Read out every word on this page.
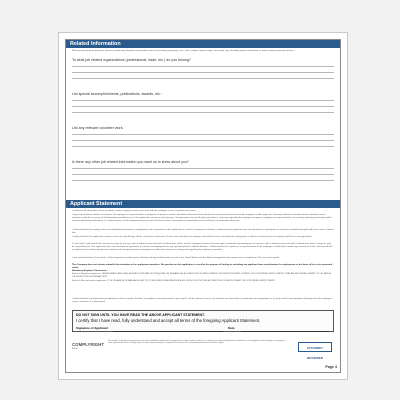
Related Information
When answering these questions, please exclude any information that would reveal sex (including pregnancy), race, color, religion, national origin, citizenship, age, disability, genetic information, or other similarly protected statuses.
To what job related organizations (professional, trade, etc.) do you belong?
List special accomplishments, publications, awards, etc.:
List any relevant volunteer work.
Is there any other job related information you want us to know about you?
Applicant Statement
I certify that all information I have provided in order to apply for and secure work with this employer is true, complete and correct.
I expressly authorize, without reservation, the employer, its representatives, employees or agents to contact and obtain information from all references (personal and professional), employers, public agencies, licensing authorities and educational institutions and to otherwise verify the accuracy of all information provided by me in this application, resume or job interview. I hereby waive any and all rights and claims I may have regarding the employer, its agents, employees or representatives, for seeking, gathering and using truthful and non-defamatory information, in a lawful manner, in the employment process and all other persons, corporations or organizations for furnishing such information about me.
I understand that the employer does not unlawfully discriminate in employment and no question on this application is used for the purpose of limiting or eliminating any applicant from consideration for employment on any basis prohibited by applicable local, state or federal law.
I understand that this application remains current for only 60 days. At the conclusion of that time, if I have not heard from the employer and still wish to be considered for employment, it will be necessary for me to reapply and fill out a new application.
If I am hired, I understand that I am free to resign at any time, with or without cause and with or without prior notice, and the employer reserves the same right to terminate my employment at any time, with or without cause and with or without prior notice, except as may be required by law. This application does not constitute an agreement or contract for employment for any specified period or definite duration. I understand that no supervisor or representative of the employer is authorized to make any assurances to the contrary and that no implied oral or written agreements contrary to the foregoing express language are valid unless they are in writing and signed by the employer's president.
I also understand that if I am hired, I will be required to provide proof of identity and legal authorization to work in the United States and that federal immigration laws require me to complete an I-9 Form in this regard.
This Company does not tolerate unlawful discrimination in its employment practices. No question on this application is used for the purpose of limiting or excluding any applicant from consideration for employment on the basis of his or her protected status.
Mandatory Employer Disclosures:
Notice to Maryland applicants: UNDER MARYLAND LAW, AN EMPLOYER MAY NOT REQUIRE OR DEMAND, AS A CONDITION OF EMPLOYMENT, PROSPECTIVE EMPLOYMENT, OR CONTINUED EMPLOYMENT, THAT AN INDIVIDUAL SUBMIT TO OR TAKE A LIE DETECTOR OR SIMILAR TEST.
Notice to Massachusetts applicants: IT IS UNLAWFUL IN MASSACHUSETTS TO REQUIRE OR ADMINISTER A LIE DETECTOR TEST AS A CONDITION OF EMPLOYMENT OR CONTINUED EMPLOYMENT.
I understand that any information provided by me that is found to be false, incomplete or misrepresented in any respect, will be sufficient cause to (i) eliminate me from further consideration for employment, or (ii) may result in my immediate discharge from the employer's service, whenever it is discovered.
DO NOT SIGN UNTIL YOU HAVE READ THE ABOVE APPLICANT STATEMENT.
I certify that I have read, fully understand and accept all terms of the foregoing Applicant Statement.
Signature of Applicant	Date
COMPLYRIGHT
A9000
This product is designed to provide accurate and authoritative information in regard to the subject matter covered. It is sold with the understanding that the publisher is not engaged in rendering legal, accounting, or other professional service. If legal advice or other expert assistance is required, the services of a competent professional should be sought.
ATTORNEY REVIEWED
Page 4
